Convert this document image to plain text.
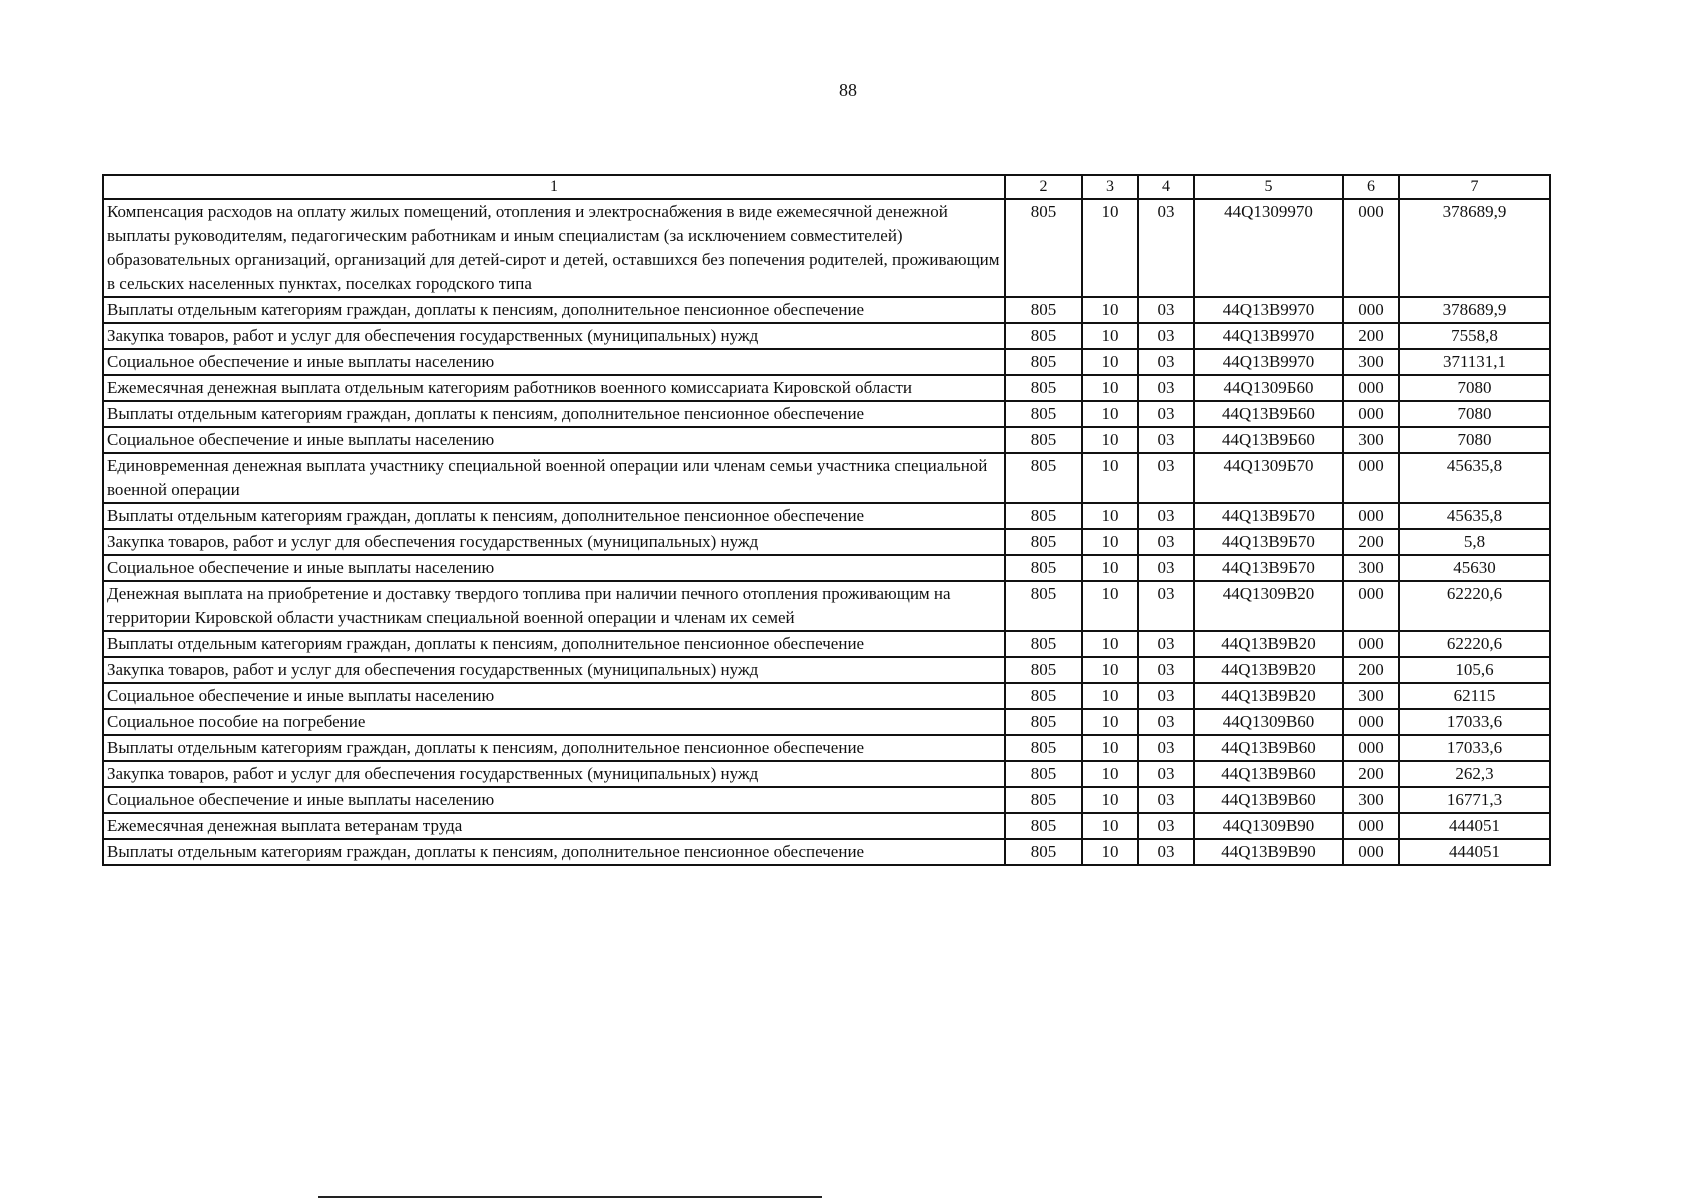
88
1	2	3	4	5	6	7
Компенсация расходов на оплату жилых помещений, отопления и электроснабжения в виде ежемесячной денежной выплаты руководителям, педагогическим работникам и иным специалистам (за исключением совместителей) образовательных организаций, организаций для детей-сирот и детей, оставшихся без попечения родителей, проживающим в сельских населенных пунктах, поселках городского типа	805	10	03	44Q1309970	000	378689,9
Выплаты отдельным категориям граждан, доплаты к пенсиям, дополнительное пенсионное обеспечение	805	10	03	44Q13B9970	000	378689,9
Закупка товаров, работ и услуг для обеспечения государственных (муниципальных) нужд	805	10	03	44Q13B9970	200	7558,8
Социальное обеспечение и иные выплаты населению	805	10	03	44Q13B9970	300	371131,1
Ежемесячная денежная выплата отдельным категориям работников военного комиссариата Кировской области	805	10	03	44Q1309Б60	000	7080
Выплаты отдельным категориям граждан, доплаты к пенсиям, дополнительное пенсионное обеспечение	805	10	03	44Q13B9Б60	000	7080
Социальное обеспечение и иные выплаты населению	805	10	03	44Q13B9Б60	300	7080
Единовременная денежная выплата участнику специальной военной операции или членам семьи участника специальной военной операции	805	10	03	44Q1309Б70	000	45635,8
Выплаты отдельным категориям граждан, доплаты к пенсиям, дополнительное пенсионное обеспечение	805	10	03	44Q13B9Б70	000	45635,8
Закупка товаров, работ и услуг для обеспечения государственных (муниципальных) нужд	805	10	03	44Q13B9Б70	200	5,8
Социальное обеспечение и иные выплаты населению	805	10	03	44Q13B9Б70	300	45630
Денежная выплата на приобретение и доставку твердого топлива при наличии печного отопления проживающим на территории Кировской области участникам специальной военной операции и членам их семей	805	10	03	44Q1309B20	000	62220,6
Выплаты отдельным категориям граждан, доплаты к пенсиям, дополнительное пенсионное обеспечение	805	10	03	44Q13B9B20	000	62220,6
Закупка товаров, работ и услуг для обеспечения государственных (муниципальных) нужд	805	10	03	44Q13B9B20	200	105,6
Социальное обеспечение и иные выплаты населению	805	10	03	44Q13B9B20	300	62115
Социальное пособие на погребение	805	10	03	44Q1309B60	000	17033,6
Выплаты отдельным категориям граждан, доплаты к пенсиям, дополнительное пенсионное обеспечение	805	10	03	44Q13B9B60	000	17033,6
Закупка товаров, работ и услуг для обеспечения государственных (муниципальных) нужд	805	10	03	44Q13B9B60	200	262,3
Социальное обеспечение и иные выплаты населению	805	10	03	44Q13B9B60	300	16771,3
Ежемесячная денежная выплата ветеранам труда	805	10	03	44Q1309B90	000	444051
Выплаты отдельным категориям граждан, доплаты к пенсиям, дополнительное пенсионное обеспечение	805	10	03	44Q13B9B90	000	444051
